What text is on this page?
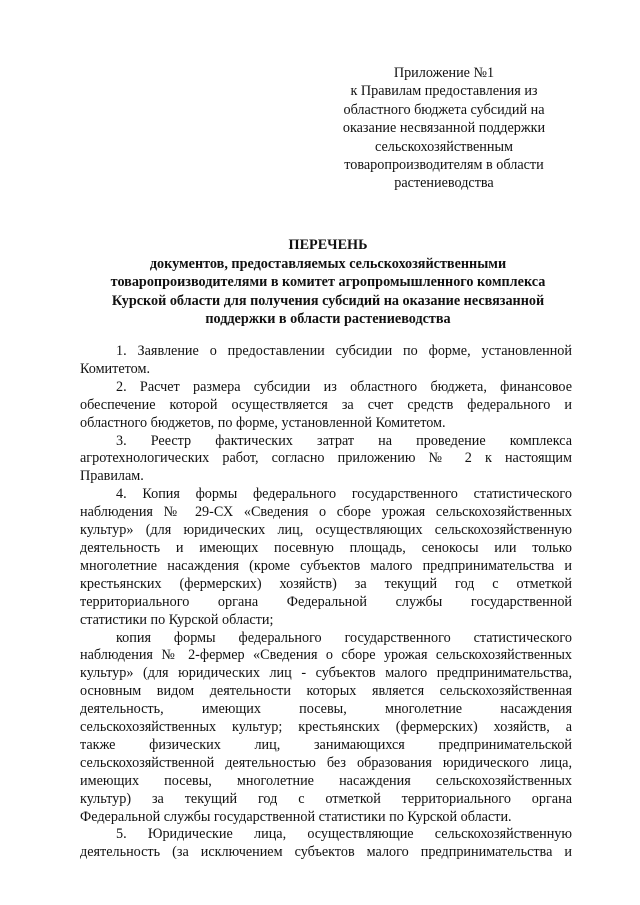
Приложение №1
к Правилам предоставления из
областного бюджета субсидий на
оказание несвязанной поддержки
сельскохозяйственным
товаропроизводителям в области
растениеводства
ПЕРЕЧЕНЬ
документов, предоставляемых сельскохозяйственными
товаропроизводителями в комитет агропромышленного комплекса
Курской области для получения субсидий на оказание несвязанной
поддержки в области растениеводства
1. Заявление о предоставлении субсидии по форме, установленной
Комитетом.
2. Расчет размера субсидии из областного бюджета, финансовое
обеспечение которой осуществляется за счет средств федерального и
областного бюджетов, по форме, установленной Комитетом.
3. Реестр фактических затрат на проведение комплекса
агротехнологических работ, согласно приложению № 2 к настоящим
Правилам.
4. Копия формы федерального государственного статистического
наблюдения № 29-СХ «Сведения о сборе урожая сельскохозяйственных
культур» (для юридических лиц, осуществляющих сельскохозяйственную
деятельность и имеющих посевную площадь, сенокосы или только
многолетние насаждения (кроме субъектов малого предпринимательства и
крестьянских (фермерских) хозяйств) за текущий год с отметкой
территориального органа Федеральной службы государственной
статистики по Курской области;
копия формы федерального государственного статистического
наблюдения № 2-фермер «Сведения о сборе урожая сельскохозяйственных
культур» (для юридических лиц - субъектов малого предпринимательства,
основным видом деятельности которых является сельскохозяйственная
деятельность, имеющих посевы, многолетние насаждения
сельскохозяйственных культур; крестьянских (фермерских) хозяйств, а
также физических лиц, занимающихся предпринимательской
сельскохозяйственной деятельностью без образования юридического лица,
имеющих посевы, многолетние насаждения сельскохозяйственных
культур) за текущий год с отметкой территориального органа
Федеральной службы государственной статистики по Курской области.
5. Юридические лица, осуществляющие сельскохозяйственную
деятельность (за исключением субъектов малого предпринимательства и
